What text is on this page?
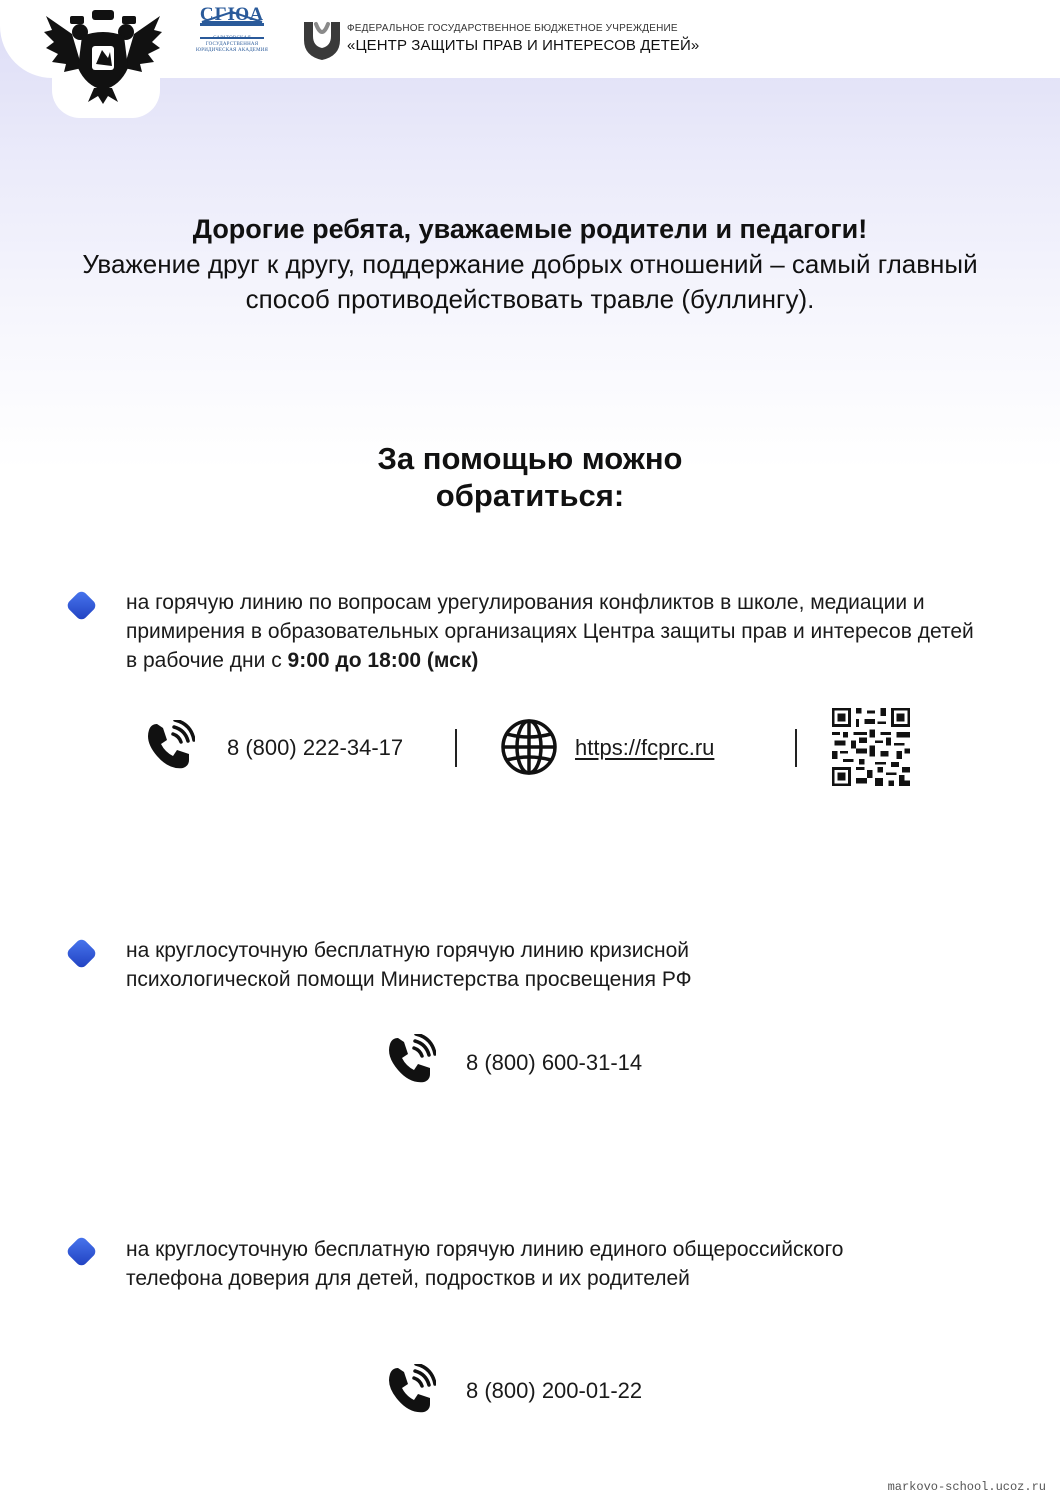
СГЮА
САРАТОВСКАЯ ГОСУДАРСТВЕННАЯ ЮРИДИЧЕСКАЯ АКАДЕМИЯ
ФЕДЕРАЛЬНОЕ ГОСУДАРСТВЕННОЕ БЮДЖЕТНОЕ УЧРЕЖДЕНИЕ
«ЦЕНТР ЗАЩИТЫ ПРАВ И ИНТЕРЕСОВ ДЕТЕЙ»
Дорогие ребята, уважаемые родители и педагоги!
Уважение друг к другу, поддержание добрых отношений – самый главный способ противодействовать травле (буллингу).
За помощью можно
обратиться:
на горячую линию по вопросам урегулирования конфликтов в школе, медиации и примирения в образовательных организациях Центра защиты прав и интересов детей в рабочие дни с 9:00 до 18:00 (мск)
8 (800) 222-34-17	https://fcprc.ru
на круглосуточную бесплатную горячую линию кризисной психологической помощи Министерства просвещения РФ
8 (800) 600-31-14
на круглосуточную бесплатную горячую линию единого общероссийского телефона доверия для детей, подростков и их родителей
8 (800) 200-01-22
markovo-school.ucoz.ru
